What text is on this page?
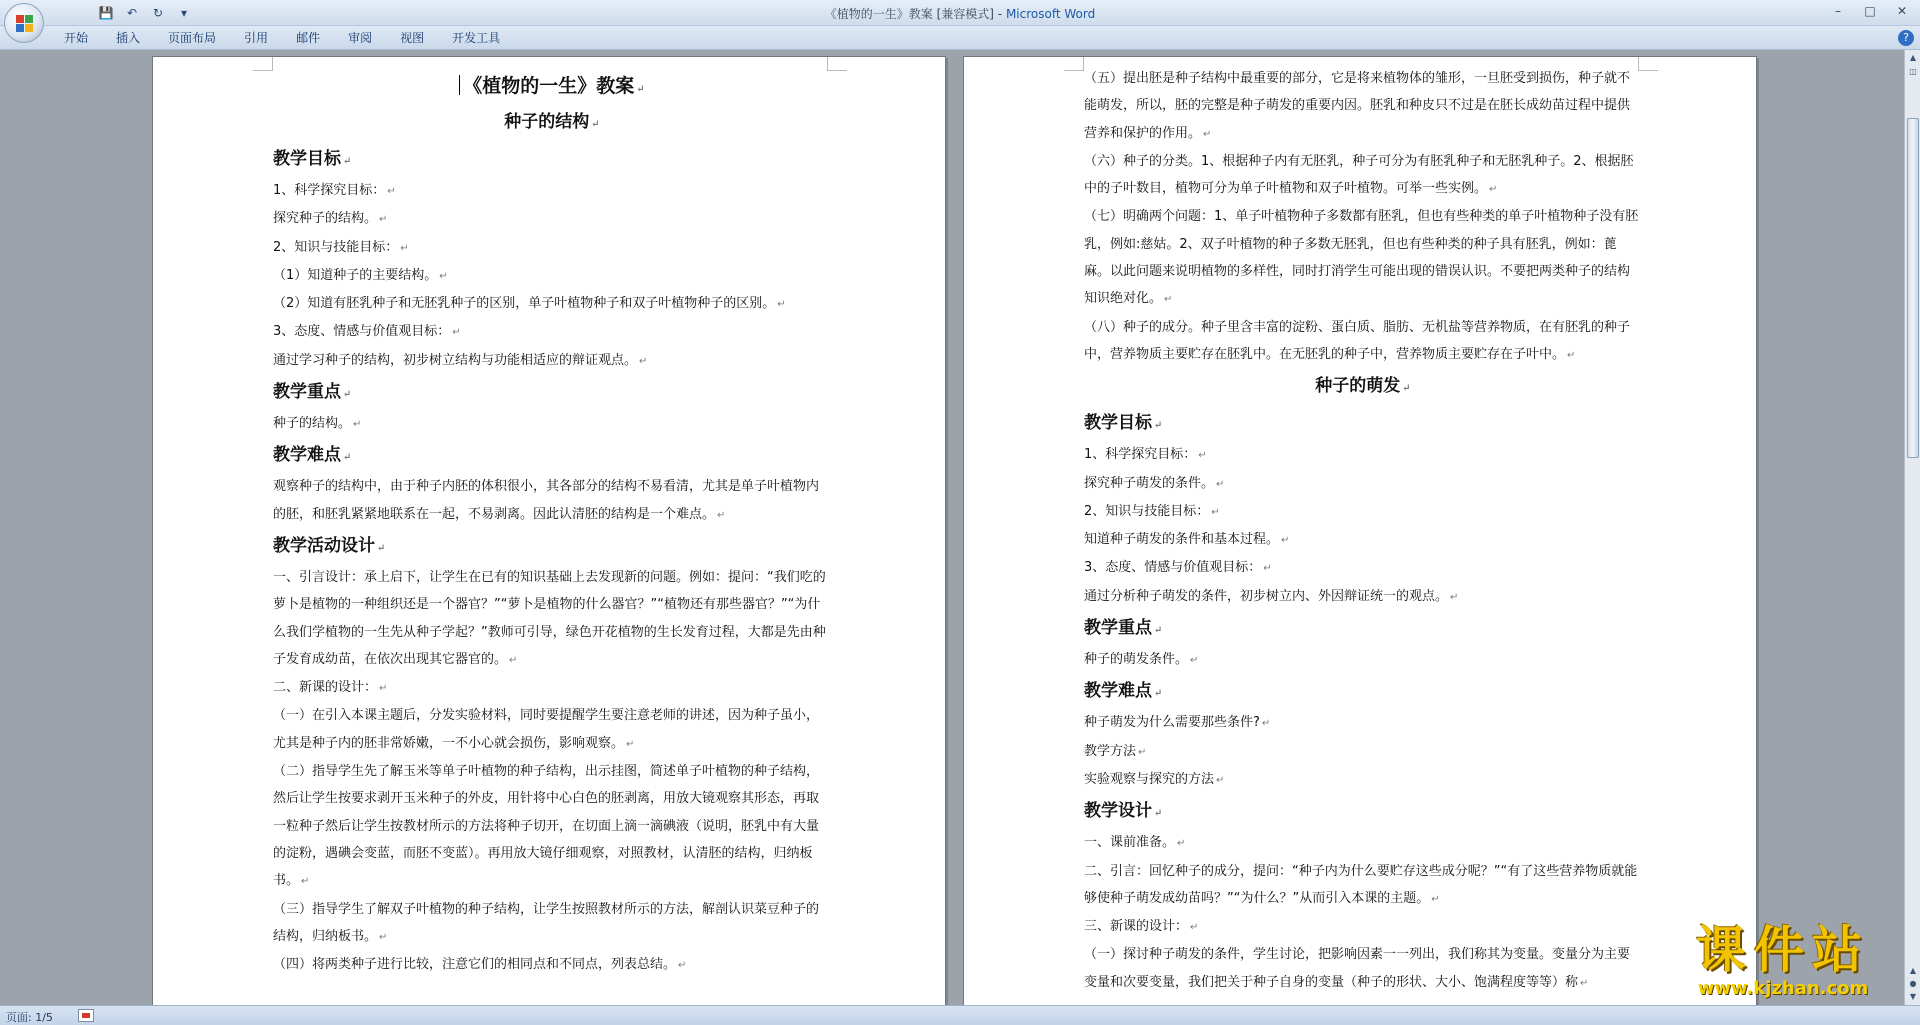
💾	↶	↻	▾	《植物的一生》教案 [兼容模式] - Microsoft Word	–	□	✕
开始	插入	页面布局	引用	邮件	审阅	视图	开发工具	?
《植物的一生》教案 ↵
种子的结构 ↵
教学目标 ↵
1、科学探究目标： ↵
探究种子的结构。 ↵
2、知识与技能目标： ↵
（1）知道种子的主要结构。 ↵
（2）知道有胚乳种子和无胚乳种子的区别，单子叶植物种子和双子叶植物种子的区别。 ↵
3、态度、情感与价值观目标： ↵
通过学习种子的结构，初步树立结构与功能相适应的辩证观点。 ↵
教学重点 ↵
种子的结构。 ↵
教学难点 ↵
观察种子的结构中，由于种子内胚的体积很小，其各部分的结构不易看清，尤其是单子叶植物内的胚，和胚乳紧紧地联系在一起，不易剥离。因此认清胚的结构是一个难点。 ↵
教学活动设计 ↵
一、引言设计：承上启下，让学生在已有的知识基础上去发现新的问题。例如：提问：“我们吃的萝卜是植物的一种组织还是一个器官？”“萝卜是植物的什么器官？”“植物还有那些器官？”“为什么我们学植物的一生先从种子学起？”教师可引导，绿色开花植物的生长发育过程，大都是先由种子发育成幼苗，在依次出现其它器官的。 ↵
二、新课的设计： ↵
（一）在引入本课主题后，分发实验材料，同时要提醒学生要注意老师的讲述，因为种子虽小，尤其是种子内的胚非常娇嫩，一不小心就会损伤，影响观察。 ↵
（二）指导学生先了解玉米等单子叶植物的种子结构，出示挂图，简述单子叶植物的种子结构，然后让学生按要求剥开玉米种子的外皮，用针将中心白色的胚剥离，用放大镜观察其形态，再取一粒种子然后让学生按教材所示的方法将种子切开，在切面上滴一滴碘液（说明，胚乳中有大量的淀粉，遇碘会变蓝，而胚不变蓝）。再用放大镜仔细观察，对照教材，认清胚的结构，归纳板书。 ↵
（三）指导学生了解双子叶植物的种子结构，让学生按照教材所示的方法，解剖认识菜豆种子的结构，归纳板书。 ↵
（四）将两类种子进行比较，注意它们的相同点和不同点，列表总结。 ↵
（五）提出胚是种子结构中最重要的部分，它是将来植物体的雏形，一旦胚受到损伤，种子就不能萌发，所以，胚的完整是种子萌发的重要内因。胚乳和种皮只不过是在胚长成幼苗过程中提供营养和保护的作用。 ↵
（六）种子的分类。1、根据种子内有无胚乳，种子可分为有胚乳种子和无胚乳种子。2、根据胚中的子叶数目，植物可分为单子叶植物和双子叶植物。可举一些实例。 ↵
（七）明确两个问题：1、单子叶植物种子多数都有胚乳，但也有些种类的单子叶植物种子没有胚乳，例如:慈姑。2、双子叶植物的种子多数无胚乳，但也有些种类的种子具有胚乳，例如：蓖麻。以此问题来说明植物的多样性，同时打消学生可能出现的错误认识。不要把两类种子的结构知识绝对化。 ↵
（八）种子的成分。种子里含丰富的淀粉、蛋白质、脂肪、无机盐等营养物质，在有胚乳的种子中，营养物质主要贮存在胚乳中。在无胚乳的种子中，营养物质主要贮存在子叶中。 ↵
种子的萌发 ↵
教学目标 ↵
1、科学探究目标： ↵
探究种子萌发的条件。 ↵
2、知识与技能目标： ↵
知道种子萌发的条件和基本过程。 ↵
3、态度、情感与价值观目标： ↵
通过分析种子萌发的条件，初步树立内、外因辩证统一的观点。 ↵
教学重点 ↵
种子的萌发条件。 ↵
教学难点 ↵
种子萌发为什么需要那些条件? ↵
教学方法 ↵
实验观察与探究的方法 ↵
教学设计 ↵
一、课前准备。 ↵
二、引言：回忆种子的成分，提问：“种子内为什么要贮存这些成分呢？”“有了这些营养物质就能够使种子萌发成幼苗吗？”“为什么？”从而引入本课的主题。 ↵
三、新课的设计： ↵
（一）探讨种子萌发的条件，学生讨论，把影响因素一一列出，我们称其为变量。变量分为主要变量和次要变量，我们把关于种子自身的变量（种子的形状、大小、饱满程度等等）称 ↵
▲
◫
▲
●
▼
课件站
www.kjzhan.com
页面: 1/5
